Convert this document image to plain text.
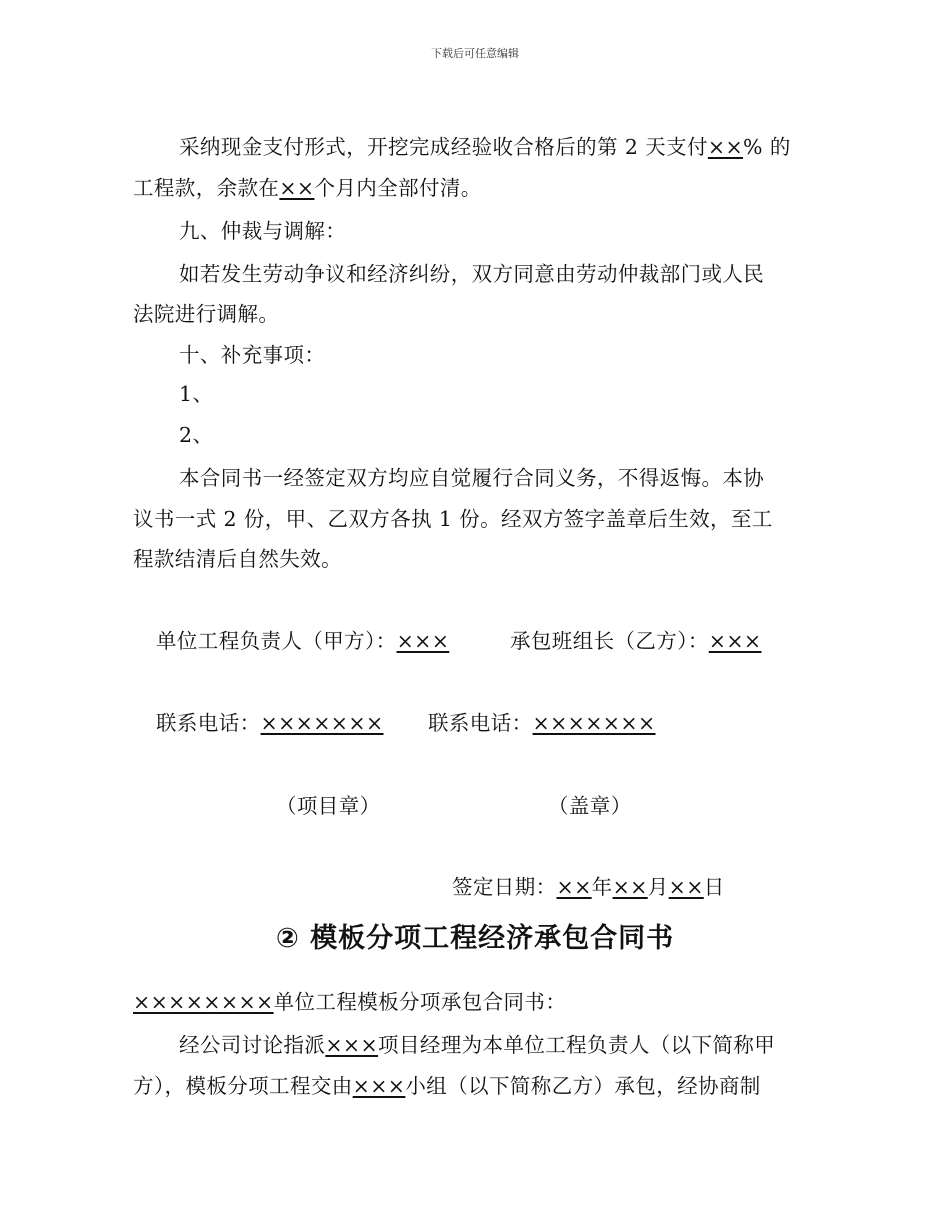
下载后可任意编辑
采纳现金支付形式，开挖完成经验收合格后的第 2 天支付××% 的
工程款，余款在××个月内全部付清。
九、仲裁与调解：
如若发生劳动争议和经济纠纷，双方同意由劳动仲裁部门或人民
法院进行调解。
十、补充事项：
1、
2、
本合同书一经签定双方均应自觉履行合同义务，不得返悔。本协
议书一式 2 份，甲、乙双方各执 1 份。经双方签字盖章后生效，至工
程款结清后自然失效。
单位工程负责人（甲方）：×××	承包班组长（乙方）：×××
联系电话：××××××× 联系电话：×××××××
（项目章）	（盖章）
签定日期：××年××月××日
② 模板分项工程经济承包合同书
××××××××单位工程模板分项承包合同书：
经公司讨论指派×××项目经理为本单位工程负责人（以下简称甲
方），模板分项工程交由×××小组（以下简称乙方）承包，经协商制
